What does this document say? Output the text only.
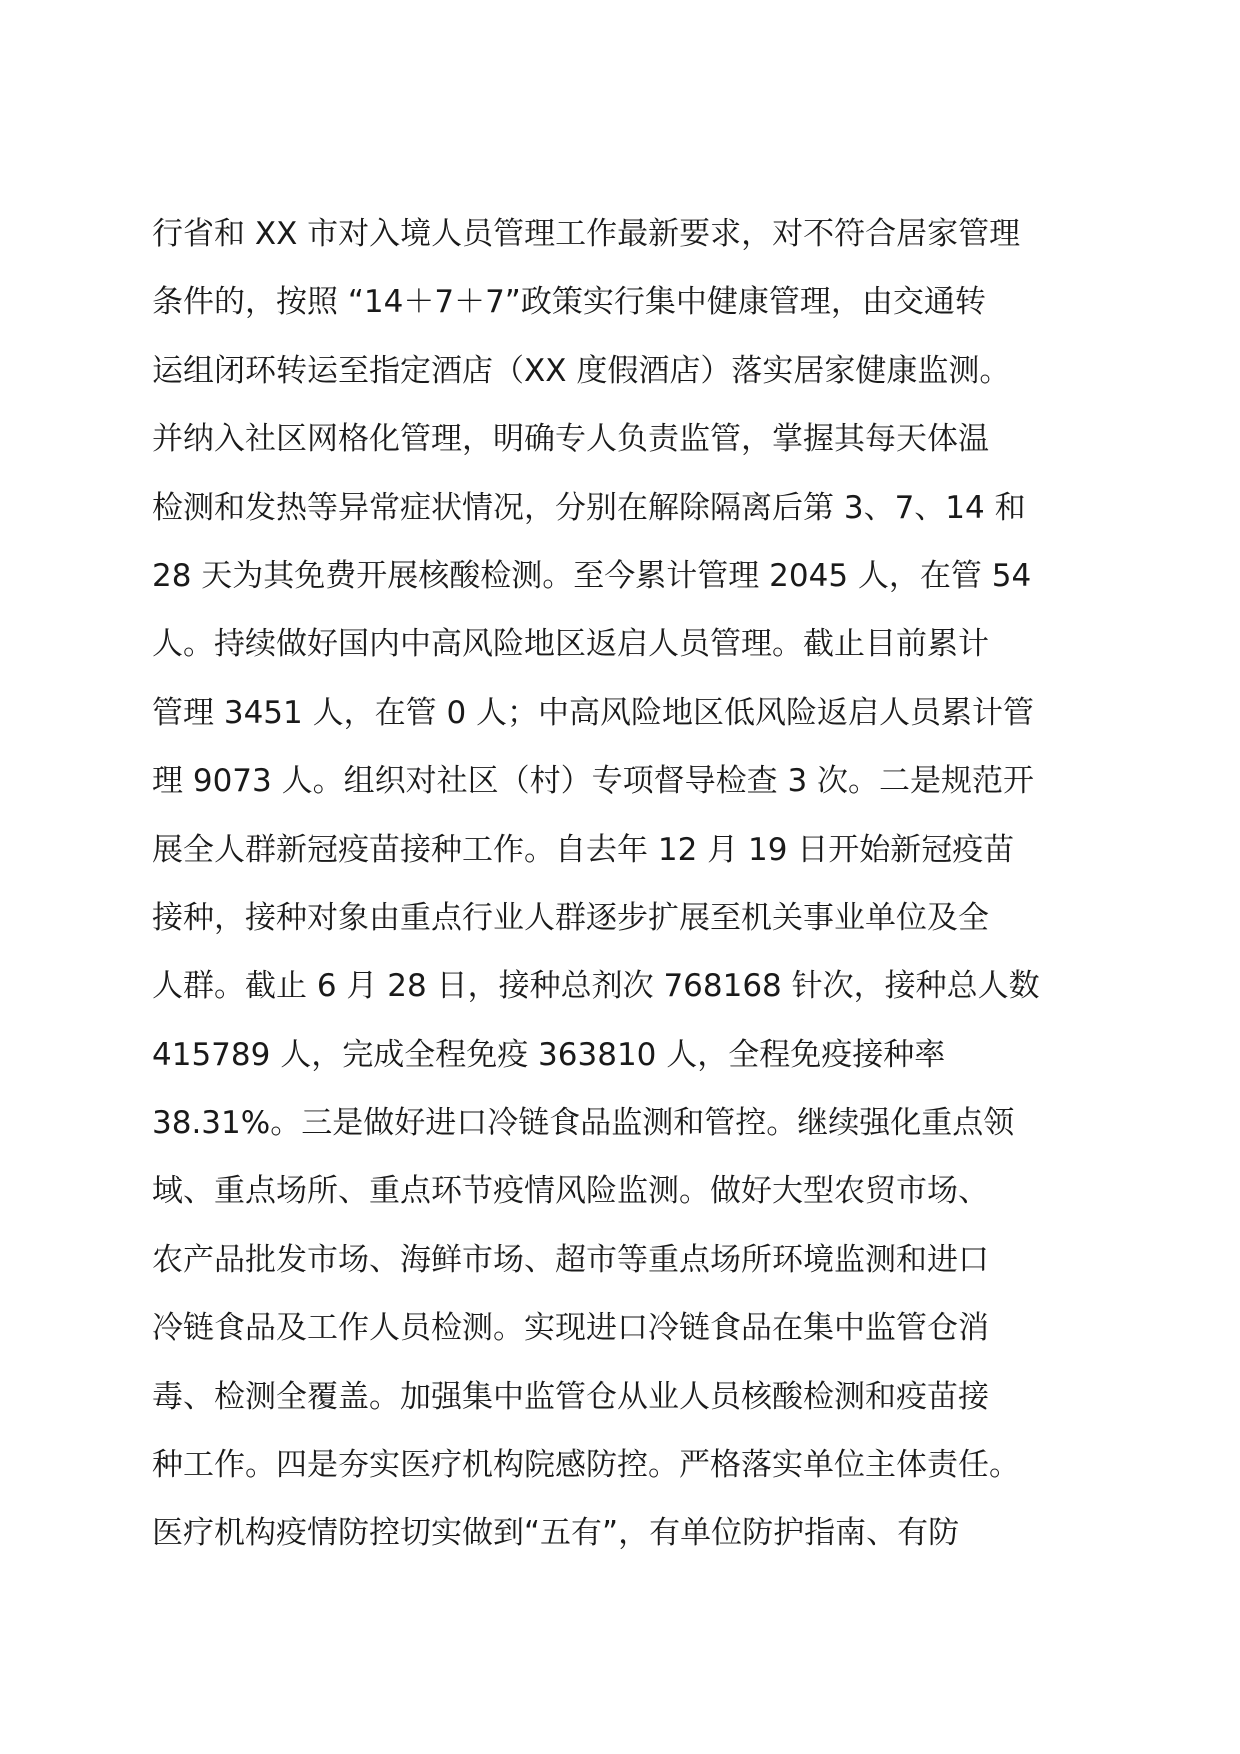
行省和 XX 市对入境人员管理工作最新要求，对不符合居家管理
条件的，按照 “14＋7＋7”政策实行集中健康管理，由交通转
运组闭环转运至指定酒店（XX 度假酒店）落实居家健康监测。
并纳入社区网格化管理，明确专人负责监管，掌握其每天体温
检测和发热等异常症状情况，分别在解除隔离后第 3、7、14 和
28 天为其免费开展核酸检测。至今累计管理 2045 人，在管 54
人。持续做好国内中高风险地区返启人员管理。截止目前累计
管理 3451 人，在管 0 人；中高风险地区低风险返启人员累计管
理 9073 人。组织对社区（村）专项督导检查 3 次。二是规范开
展全人群新冠疫苗接种工作。自去年 12 月 19 日开始新冠疫苗
接种，接种对象由重点行业人群逐步扩展至机关事业单位及全
人群。截止 6 月 28 日，接种总剂次 768168 针次，接种总人数
415789 人，完成全程免疫 363810 人，全程免疫接种率
38.31%。三是做好进口冷链食品监测和管控。继续强化重点领
域、重点场所、重点环节疫情风险监测。做好大型农贸市场、
农产品批发市场、海鲜市场、超市等重点场所环境监测和进口
冷链食品及工作人员检测。实现进口冷链食品在集中监管仓消
毒、检测全覆盖。加强集中监管仓从业人员核酸检测和疫苗接
种工作。四是夯实医疗机构院感防控。严格落实单位主体责任。
医疗机构疫情防控切实做到“五有”，有单位防护指南、有防
